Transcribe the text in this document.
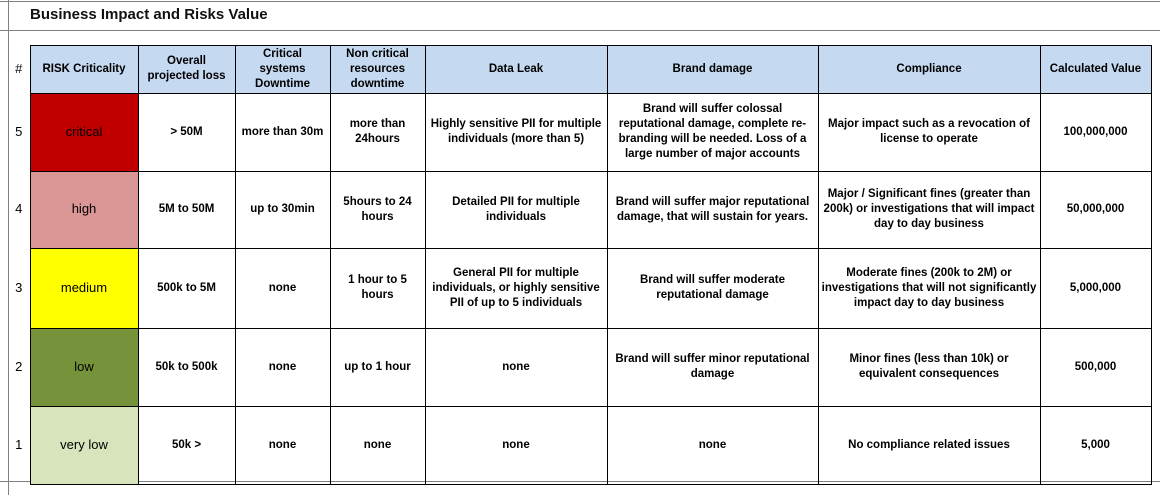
Business Impact and Risks Value
#	RISK Criticality	Overall projected loss	Critical systems Downtime	Non critical resources downtime	Data Leak	Brand damage	Compliance	Calculated Value
5	critical	> 50M	more than 30m	more than 24hours	Highly sensitive PII for multiple individuals (more than 5)	Brand will suffer colossal reputational damage, complete re-branding will be needed. Loss of a large number of major accounts	Major impact such as a revocation of license to operate	100,000,000
4	high	5M to 50M	up to 30min	5hours to 24 hours	Detailed PII for multiple individuals	Brand will suffer major reputational damage, that will sustain for years.	Major / Significant fines (greater than 200k) or investigations that will impact day to day business	50,000,000
3	medium	500k to 5M	none	1 hour to 5 hours	General PII for multiple individuals, or highly sensitive PII of up to 5 individuals	Brand will suffer moderate reputational damage	Moderate fines (200k to 2M) or investigations that will not significantly impact day to day business	5,000,000
2	low	50k to 500k	none	up to 1 hour	none	Brand will suffer minor reputational damage	Minor fines (less than 10k) or equivalent consequences	500,000
1	very low	50k >	none	none	none	none	No compliance related issues	5,000
